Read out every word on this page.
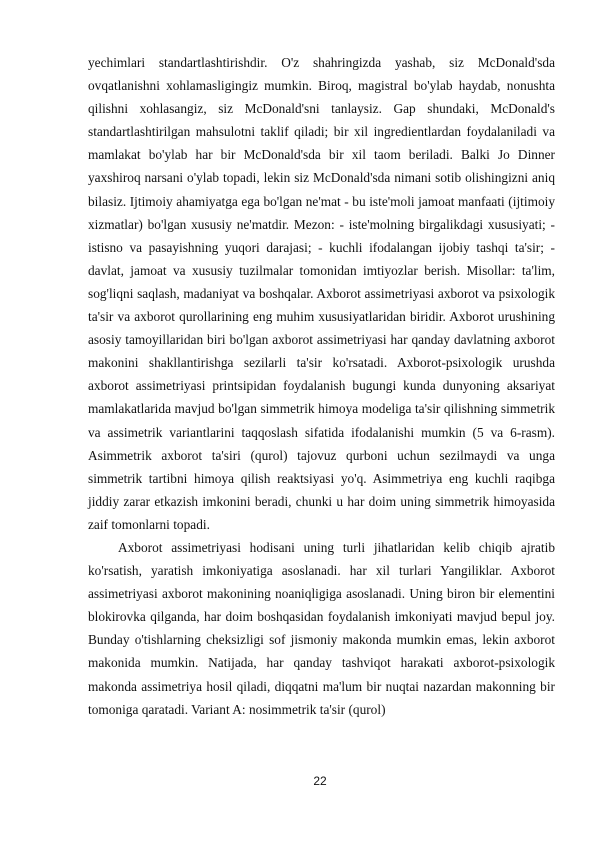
yechimlari standartlashtirishdir. O'z shahringizda yashab, siz McDonald'sda ovqatlanishni xohlamasligingiz mumkin. Biroq, magistral bo'ylab haydab, nonushta qilishni xohlasangiz, siz McDonald'sni tanlaysiz. Gap shundaki, McDonald's standartlashtirilgan mahsulotni taklif qiladi; bir xil ingredientlardan foydalaniladi va mamlakat bo'ylab har bir McDonald'sda bir xil taom beriladi. Balki Jo Dinner yaxshiroq narsani o'ylab topadi, lekin siz McDonald'sda nimani sotib olishingizni aniq bilasiz. Ijtimoiy ahamiyatga ega bo'lgan ne'mat - bu iste'moli jamoat manfaati (ijtimoiy xizmatlar) bo'lgan xususiy ne'matdir. Mezon: - iste'molning birgalikdagi xususiyati; - istisno va pasayishning yuqori darajasi; - kuchli ifodalangan ijobiy tashqi ta'sir; - davlat, jamoat va xususiy tuzilmalar tomonidan imtiyozlar berish. Misollar: ta'lim, sog'liqni saqlash, madaniyat va boshqalar. Axborot assimetriyasi axborot va psixologik ta'sir va axborot qurollarining eng muhim xususiyatlaridan biridir. Axborot urushining asosiy tamoyillaridan biri bo'lgan axborot assimetriyasi har qanday davlatning axborot makonini shakllantirishga sezilarli ta'sir ko'rsatadi. Axborot-psixologik urushda axborot assimetriyasi printsipidan foydalanish bugungi kunda dunyoning aksariyat mamlakatlarida mavjud bo'lgan simmetrik himoya modeliga ta'sir qilishning simmetrik va assimetrik variantlarini taqqoslash sifatida ifodalanishi mumkin (5 va 6-rasm). Asimmetrik axborot ta'siri (qurol) tajovuz qurboni uchun sezilmaydi va unga simmetrik tartibni himoya qilish reaktsiyasi yo'q. Asimmetriya eng kuchli raqibga jiddiy zarar etkazish imkonini beradi, chunki u har doim uning simmetrik himoyasida zaif tomonlarni topadi.

Axborot assimetriyasi hodisani uning turli jihatlaridan kelib chiqib ajratib ko'rsatish, yaratish imkoniyatiga asoslanadi. har xil turlari Yangiliklar. Axborot assimetriyasi axborot makonining noaniqligiga asoslanadi. Uning biron bir elementini blokirovka qilganda, har doim boshqasidan foydalanish imkoniyati mavjud bepul joy. Bunday o'tishlarning cheksizligi sof jismoniy makonda mumkin emas, lekin axborot makonida mumkin. Natijada, har qanday tashviqot harakati axborot-psixologik makonda assimetriya hosil qiladi, diqqatni ma'lum bir nuqtai nazardan makonning bir tomoniga qaratadi. Variant A: nosimmetrik ta'sir (qurol)

22
